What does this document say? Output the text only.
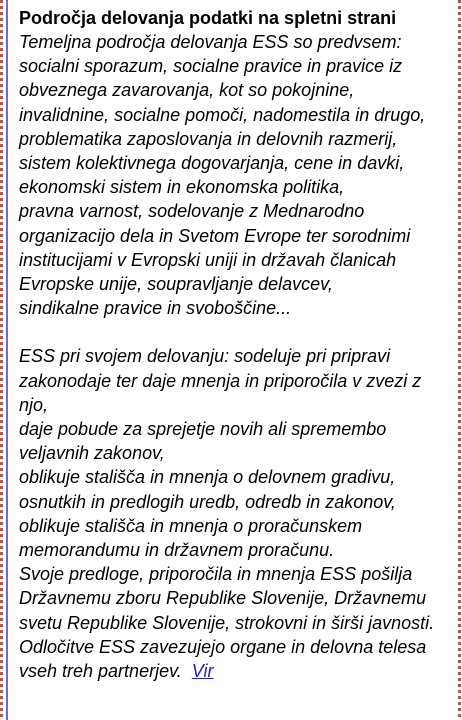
Področja delovanja podatki na spletni strani

Temeljna področja delovanja ESS so predvsem:
socialni sporazum, socialne pravice in pravice iz
obveznega zavarovanja, kot so pokojnine,
invalidnine, socialne pomoči, nadomestila in drugo,
problematika zaposlovanja in delovnih razmerij,
sistem kolektivnega dogovarjanja, cene in davki,
ekonomski sistem in ekonomska politika,
pravna varnost, sodelovanje z Mednarodno
organizacijo dela in Svetom Evrope ter sorodnimi
institucijami v Evropski uniji in državah članicah
Evropske unije, soupravljanje delavcev,
sindikalne pravice in svoboščine...

ESS pri svojem delovanju: sodeluje pri pripravi
zakonodaje ter daje mnenja in priporočila v zvezi z
njo,
daje pobude za sprejetje novih ali spremembo
veljavnih zakonov,
oblikuje stališča in mnenja o delovnem gradivu,
osnutkih in predlogih uredb, odredb in zakonov,
oblikuje stališča in mnenja o proračunskem
memorandumu in državnem proračunu.
Svoje predloge, priporočila in mnenja ESS pošilja
Državnemu zboru Republike Slovenije, Državnemu
svetu Republike Slovenije, strokovni in širši javnosti.
Odločitve ESS zavezujejo organe in delovna telesa
vseh treh partnerjev. Vir
